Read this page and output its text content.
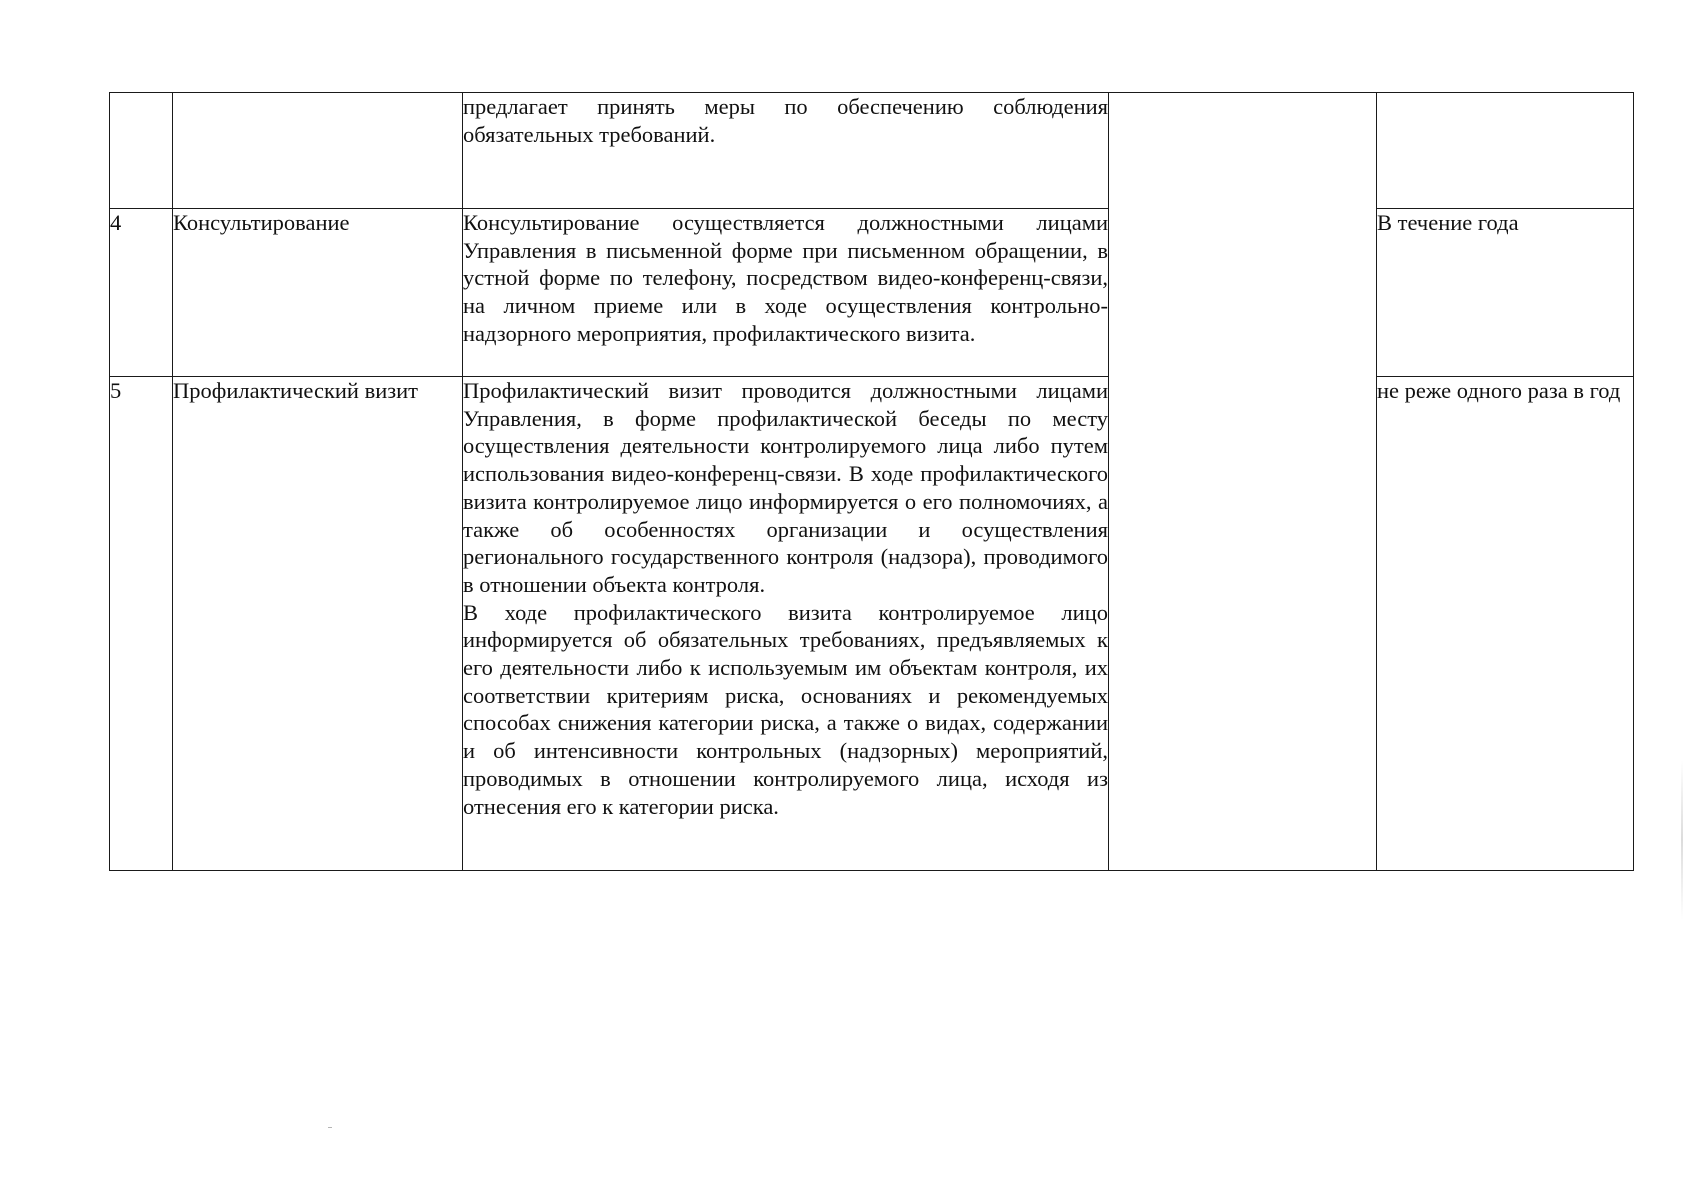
		предлагает принять меры по обеспечению соблюдения обязательных требований.		

4	Консультирование	Консультирование осуществляется должностными лицами Управления в письменной форме при письменном обращении, в устной форме по телефону, посредством видео-конференц-связи, на личном приеме или в ходе осуществления контрольно-надзорного мероприятия, профилактического визита.		В течение года
5	Профилактический визит	Профилактический визит проводится должностными лицами Управления, в форме профилактической беседы по месту осуществления деятельности контролируемого лица либо путем использования видео-конференц-связи. В ходе профилактического визита контролируемое лицо информируется о его полномочиях, а также об особенностях организации и осуществления регионального государственного контроля (надзора), проводимого в отношении объекта контроля.

В ходе профилактического визита контролируемое лицо информируется об обязательных требованиях, предъявляемых к его деятельности либо к используемым им объектам контроля, их соответствии критериям риска, основаниях и рекомендуемых способах снижения категории риска, а также о видах, содержании и об интенсивности контрольных (надзорных) мероприятий, проводимых в отношении контролируемого лица, исходя из отнесения его к категории риска.		не реже одного раза в год
